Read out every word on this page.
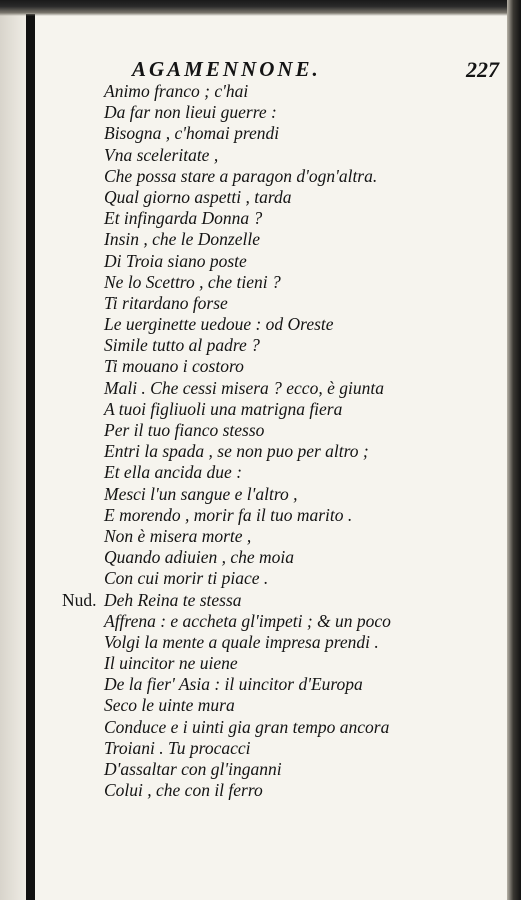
AGAMENNONE.	227
Animo franco ; c'hai
Da far non lieui guerre :
Bisogna , c'homai prendi
Vna sceleritate ,
Che possa stare a paragon d'ogn'altra.
Qual giorno aspetti , tarda
Et infingarda Donna ?
Insin , che le Donzelle
Di Troia siano poste
Ne lo Scettro , che tieni ?
Ti ritardano forse
Le uerginette uedoue : od Oreste
Simile tutto al padre ?
Ti mouano i costoro
Mali . Che cessi misera ? ecco, è giunta
A tuoi figliuoli una matrigna fiera
Per il tuo fianco stesso
Entri la spada , se non puo per altro ;
Et ella ancida due :
Mesci l'un sangue e l'altro ,
E morendo , morir fa il tuo marito .
Non è misera morte ,
Quando adiuien , che moia
Con cui morir ti piace .
Nud. Deh Reina te stessa
Affrena : e accheta gl'impeti ; & un poco
Volgi la mente a quale impresa prendi .
Il uincitor ne uiene
De la fier' Asia : il uincitor d'Europa
Seco le uinte mura
Conduce e i uinti gia gran tempo ancora
Troiani . Tu procacci
D'assaltar con gl'inganni
Colui , che con il ferro
